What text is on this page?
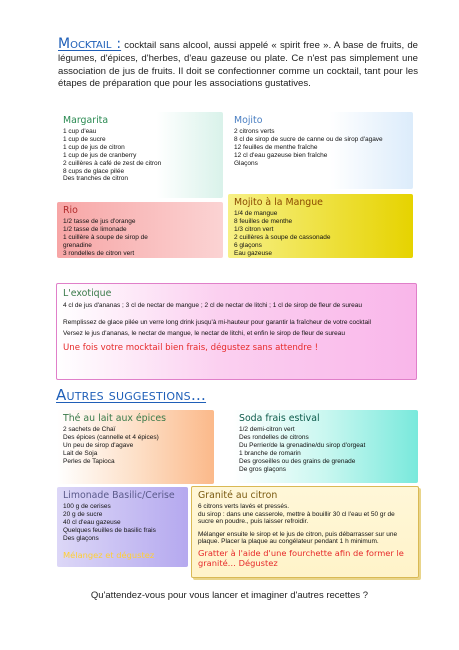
Mocktail : cocktail sans alcool, aussi appelé « spirit free ». A base de fruits, de légumes, d'épices, d'herbes, d'eau gazeuse ou plate. Ce n'est pas simplement une association de jus de fruits. Il doit se confectionner comme un cocktail, tant pour les étapes de préparation que pour les associations gustatives.
Margarita
1 cup d'eau
1 cup de sucre
1 cup de jus de citron
1 cup de jus de cranberry
2 cuillères à café de zest de citron
8 cups de glace pilée
Des tranches de citron
Mojito
2 citrons verts
8 cl de sirop de sucre de canne ou de sirop d'agave
12 feuilles de menthe fraîche
12 cl d'eau gazeuse bien fraîche
Glaçons
Rio
1/2 tasse de jus d'orange
1/2 tasse de limonade
1 cuillère à soupe de sirop de
grenadine
3 rondelles de citron vert
Mojito à la Mangue
1/4 de mangue
8 feuilles de menthe
1/3 citron vert
2 cuillères à soupe de cassonade
6 glaçons
Eau gazeuse
L'exotique
4 cl de jus d'ananas ; 3 cl de nectar de mangue ; 2 cl de nectar de litchi ; 1 cl de sirop de fleur de sureau
Remplissez de glace pilée un verre long drink jusqu'à mi-hauteur pour garantir la fraîcheur de votre cocktail
Versez le jus d'ananas, le nectar de mangue, le nectar de litchi, et enfin le sirop de fleur de sureau
Une fois votre mocktail bien frais, dégustez sans attendre !
Autres suggestions…
Thé au lait aux épices
2 sachets de Chaï
Des épices (cannelle et 4 épices)
Un peu de sirop d'agave
Lait de Soja
Perles de Tapioca
Soda frais estival
1/2 demi-citron vert
Des rondelles de citrons
Du Perrier/de la grenadine/du sirop d'orgeat
1 branche de romarin
Des groseilles ou des grains de grenade
De gros glaçons
Limonade Basilic/Cerise
100 g de cerises
20 g de sucre
40 cl d'eau gazeuse
Quelques feuilles de basilic frais
Des glaçons
Mélangez et dégustez
Granité au citron
6 citrons verts lavés et pressés.
du sirop : dans une casserole, mettre à bouillir 30 cl l'eau et 50 gr de sucre en poudre., puis laisser refroidir.
Mélanger ensuite le sirop et le jus de citron, puis débarrasser sur une plaque. Placer la plaque au congélateur pendant 1 h minimum.
Gratter à l'aide d'une fourchette afin de former le granité… Dégustez
Qu'attendez-vous pour vous lancer et imaginer d'autres recettes ?
